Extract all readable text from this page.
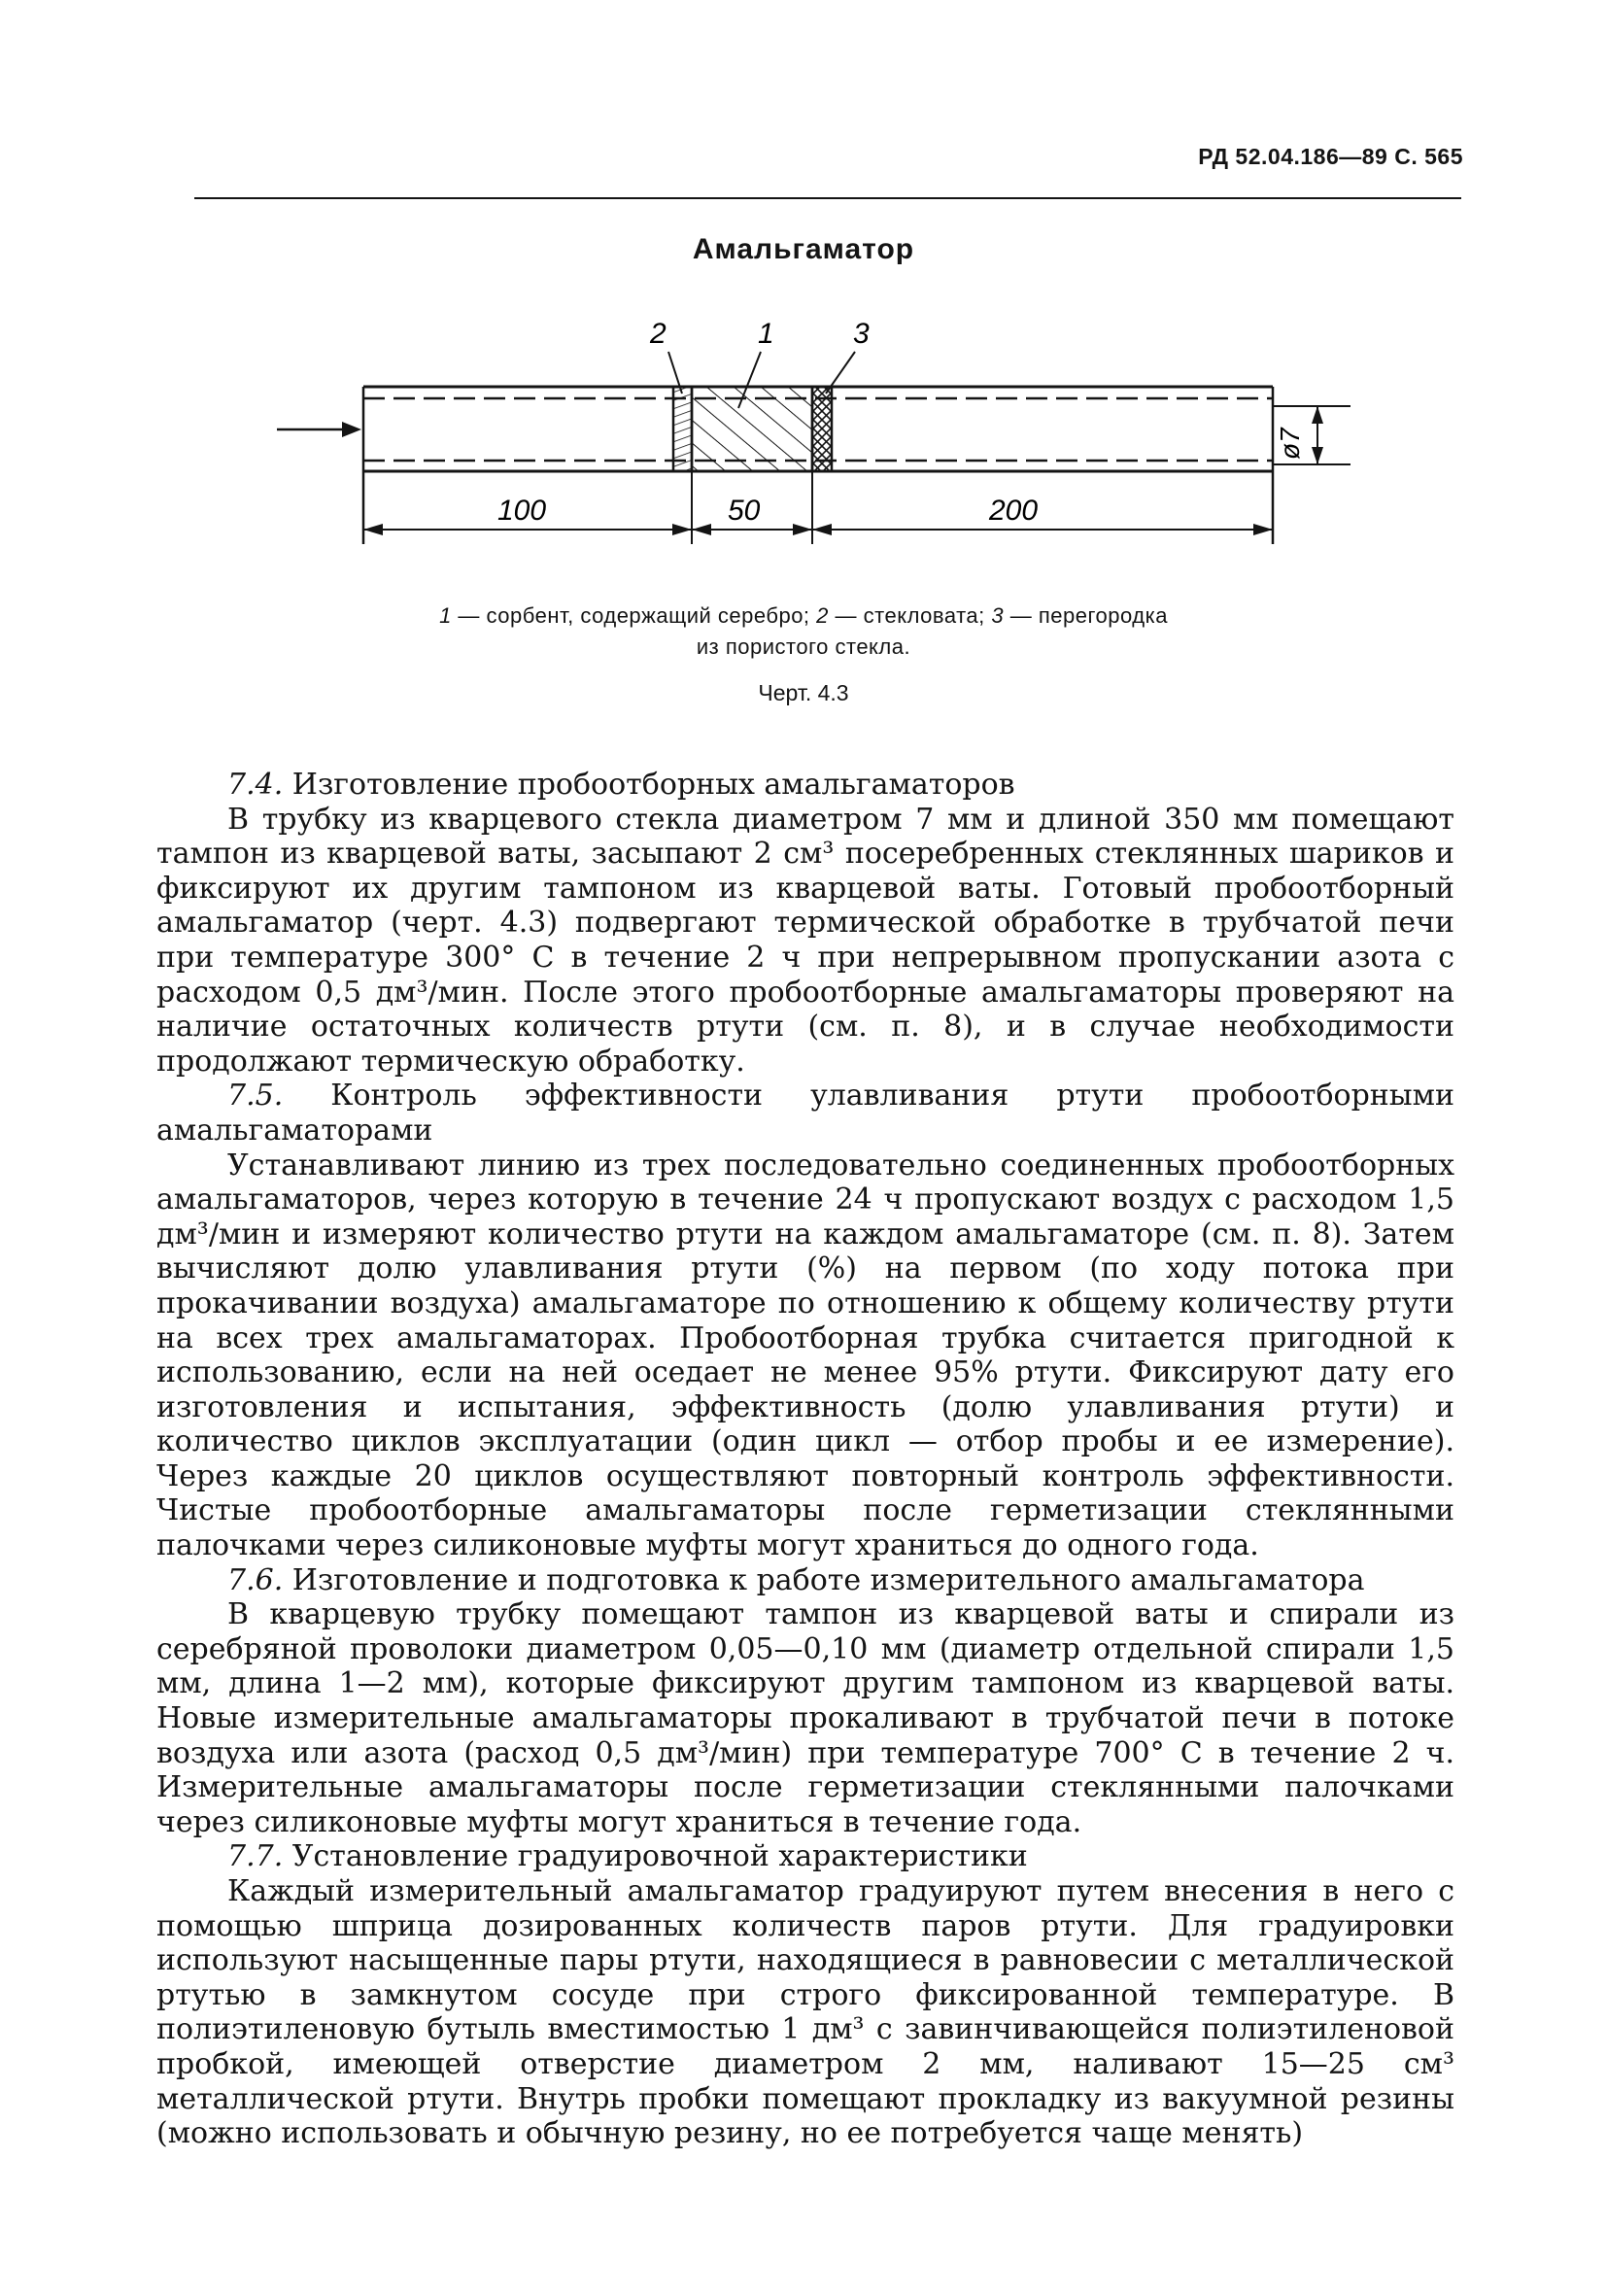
РД 52.04.186—89 С. 565
Амальгаматор
2	1	3
100	50	200
ø7
1 — сорбент, содержащий серебро; 2 — стекловата; 3 — перегородка
из пористого стекла.
Черт. 4.3

7.4. Изготовление пробоотборных амальгаматоров

В трубку из кварцевого стекла диаметром 7 мм и длиной 350 мм помещают тампон из кварцевой ваты, засыпают 2 см³ посеребренных стеклянных шариков и фиксируют их другим тампоном из кварцевой ваты. Готовый пробоотборный амальгаматор (черт. 4.3) подвергают термической обработке в трубчатой печи при температуре 300° С в течение 2 ч при непрерывном пропускании азота с расходом 0,5 дм³/мин. После этого пробоотборные амальгаматоры проверяют на наличие остаточных количеств ртути (см. п. 8), и в случае необходимости продолжают термическую обработку.

7.5. Контроль эффективности улавливания ртути пробоотборными амальгаматорами

Устанавливают линию из трех последовательно соединенных пробоотборных амальгаматоров, через которую в течение 24 ч пропускают воздух с расходом 1,5 дм³/мин и измеряют количество ртути на каждом амальгаматоре (см. п. 8). Затем вычисляют долю улавливания ртути (%) на первом (по ходу потока при прокачивании воздуха) амальгаматоре по отношению к общему количеству ртути на всех трех амальгаматорах. Пробоотборная трубка считается пригодной к использованию, если на ней оседает не менее 95% ртути. Фиксируют дату его изготовления и испытания, эффективность (долю улавливания ртути) и количество циклов эксплуатации (один цикл — отбор пробы и ее измерение). Через каждые 20 циклов осуществляют повторный контроль эффективности. Чистые пробоотборные амальгаматоры после герметизации стеклянными палочками через силиконовые муфты могут храниться до одного года.

7.6. Изготовление и подготовка к работе измерительного амальгаматора

В кварцевую трубку помещают тампон из кварцевой ваты и спирали из серебряной проволоки диаметром 0,05—0,10 мм (диаметр отдельной спирали 1,5 мм, длина 1—2 мм), которые фиксируют другим тампоном из кварцевой ваты. Новые измерительные амальгаматоры прокаливают в трубчатой печи в потоке воздуха или азота (расход 0,5 дм³/мин) при температуре 700° С в течение 2 ч. Измерительные амальгаматоры после герметизации стеклянными палочками через силиконовые муфты могут храниться в течение года.

7.7. Установление градуировочной характеристики

Каждый измерительный амальгаматор градуируют путем внесения в него с помощью шприца дозированных количеств паров ртути. Для градуировки используют насыщенные пары ртути, находящиеся в равновесии с металлической ртутью в замкнутом сосуде при строго фиксированной температуре. В полиэтиленовую бутыль вместимостью 1 дм³ с завинчивающейся полиэтиленовой пробкой, имеющей отверстие диаметром 2 мм, наливают 15—25 см³ металлической ртути. Внутрь пробки помещают прокладку из вакуумной резины (можно использовать и обычную резину, но ее потребуется чаще менять)
